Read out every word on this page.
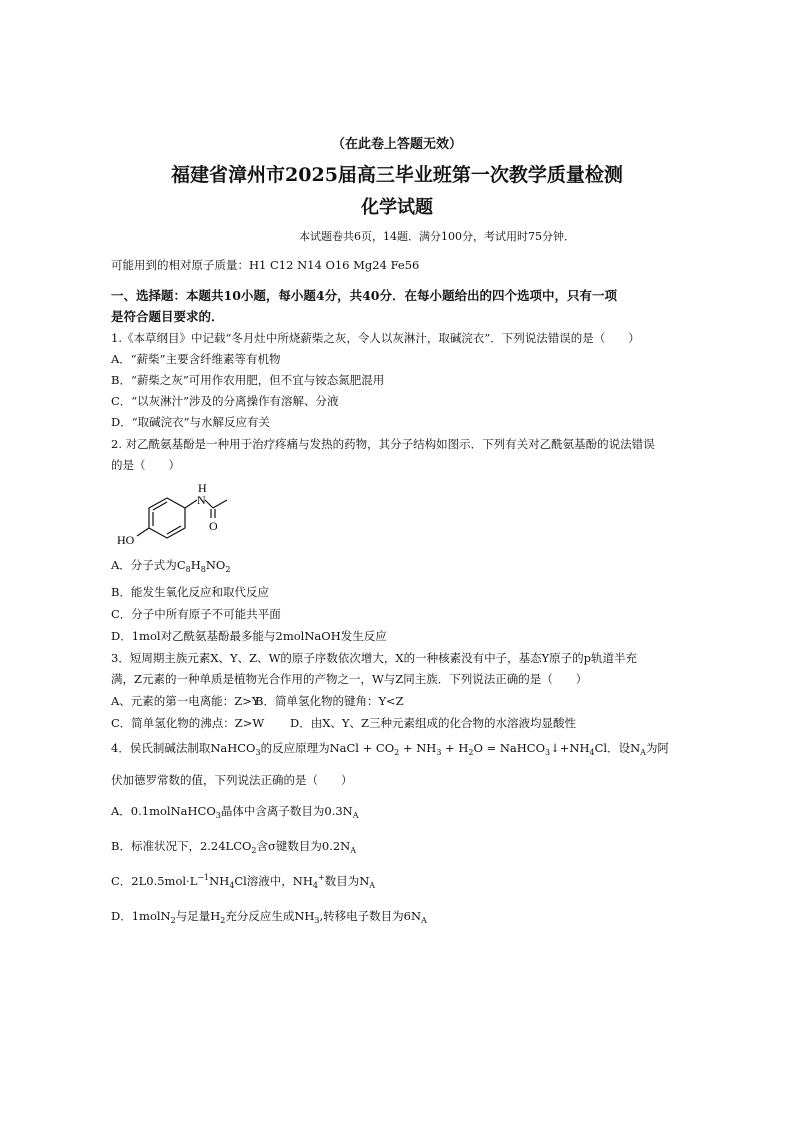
（在此卷上答题无效）
福建省漳州市2025届高三毕业班第一次教学质量检测
化学试题
本试题卷共6页，14题．满分100分，考试用时75分钟．
可能用到的相对原子质量：H1 C12 N14 O16 Mg24 Fe56
一、选择题：本题共10小题，每小题4分，共40分．在每小题给出的四个选项中，只有一项
是符合题目要求的．
1.《本草纲目》中记载“冬月灶中所烧薪柴之灰，令人以灰淋汁，取碱浣衣”．下列说法错误的是（　　）
A．“薪柴”主要含纤维素等有机物
B．“薪柴之灰”可用作农用肥，但不宜与铵态氮肥混用
C．“以灰淋汁”涉及的分离操作有溶解、分液
D．“取碱浣衣”与水解反应有关
2. 对乙酰氨基酚是一种用于治疗疼痛与发热的药物，其分子结构如图示．下列有关对乙酰氨基酚的说法错误
的是（　　）
N
H
O
HO
A．分子式为$C_8H_8NO_2$
B．能发生氧化反应和取代反应
C．分子中所有原子不可能共平面
D．1mol对乙酰氨基酚最多能与2molNaOH发生反应
3．短周期主族元素X、Y、Z、W的原子序数依次增大，X的一种核素没有中子，基态Y原子的p轨道半充
满，Z元素的一种单质是植物光合作用的产物之一，W与Z同主族．下列说法正确的是（　　）
A、元素的第一电离能：Z>Y
B．简单氢化物的键角：Y<Z
C．简单氢化物的沸点：Z>W D．由X、Y、Z三种元素组成的化合物的水溶液均显酸性
4．侯氏制碱法制取NaHCO$_3$的反应原理为NaCl + $CO_2 + NH_3 + H_2O$ = $NaHCO_3↓+NH_4Cl$．设$N_A$为阿
伏加德罗常数的值，下列说法正确的是（　　）
A．0.1molNaHCO$_3$晶体中含离子数目为$0.3N_A$
B．标准状况下，$2.24LCO_2$含σ键数目为$0.2N_A$
C．$2L0.5mol\cdot L^{-1}NH_4Cl$溶液中，$NH_4^+$数目为$N_A$
D．1molN$_2$与足量$H_2$充分反应生成$NH_3$,转移电子数目为$6N_A$
